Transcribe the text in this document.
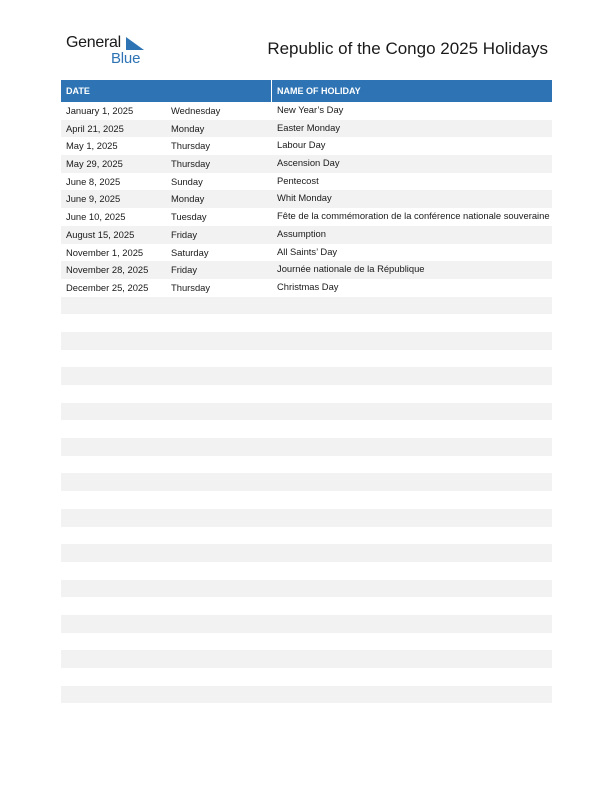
General
Blue
Republic of the Congo 2025 Holidays
DATE	NAME OF HOLIDAY
January 1, 2025	Wednesday	New Year’s Day
April 21, 2025	Monday	Easter Monday
May 1, 2025	Thursday	Labour Day
May 29, 2025	Thursday	Ascension Day
June 8, 2025	Sunday	Pentecost
June 9, 2025	Monday	Whit Monday
June 10, 2025	Tuesday	Fête de la commémoration de la conférence nationale souveraine
August 15, 2025	Friday	Assumption
November 1, 2025	Saturday	All Saints’ Day
November 28, 2025	Friday	Journée nationale de la République
December 25, 2025	Thursday	Christmas Day
